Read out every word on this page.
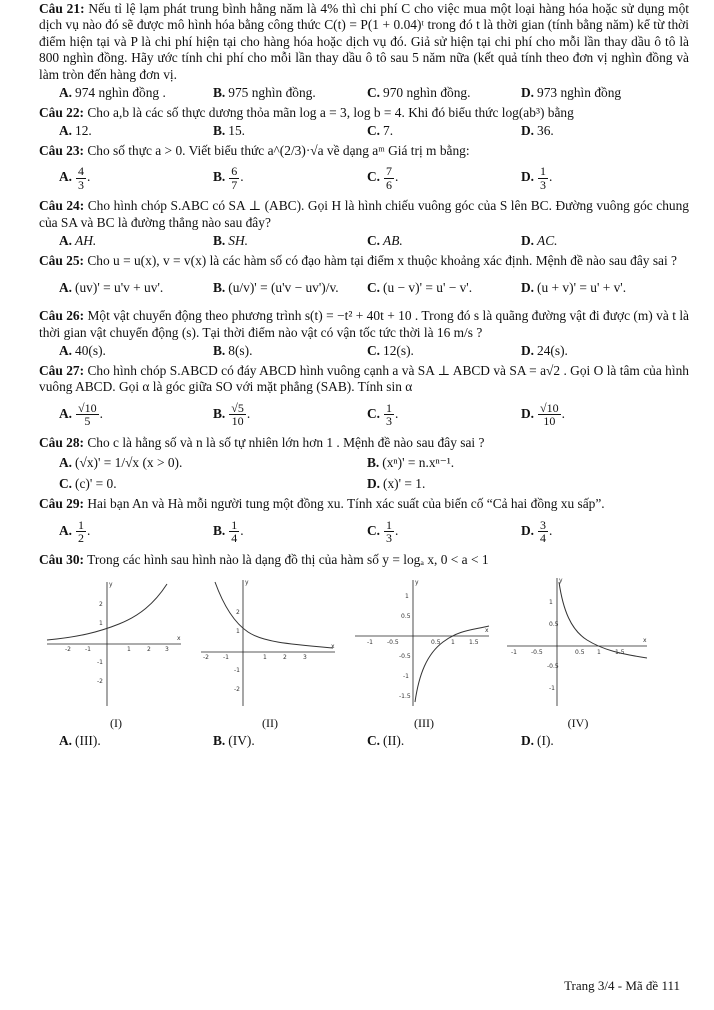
Câu 21: Nếu tỉ lệ lạm phát trung bình hằng năm là 4% thì chi phí C cho việc mua một loại hàng hóa hoặc sử dụng một dịch vụ nào đó sẽ được mô hình hóa bằng công thức C(t) = P(1 + 0.04)ᵗ trong đó t là thời gian (tính bằng năm) kể từ thời điểm hiện tại và P là chi phí hiện tại cho hàng hóa hoặc dịch vụ đó. Giả sử hiện tại chi phí cho mỗi lần thay dầu ô tô là 800 nghìn đồng. Hãy ước tính chi phí cho mỗi lần thay dầu ô tô sau 5 năm nữa (kết quả tính theo đơn vị nghìn đồng và làm tròn đến hàng đơn vị.

A. 974 nghìn đồng .	B. 975 nghìn đồng.	C. 970 nghìn đồng.	D. 973 nghìn đồng

Câu 22: Cho a,b là các số thực dương thỏa mãn log a = 3, log b = 4. Khi đó biểu thức log(ab³) bằng

A. 12.	B. 15.	C. 7.	D. 36.

Câu 23: Cho số thực a > 0. Viết biểu thức a^(2/3)·√a về dạng aᵐ Giá trị m bằng:

A. $\frac{4}{3}$ .	B. $\frac{6}{7}$ .	C. $\frac{7}{6}$ .	D. $\frac{1}{3}$ .

Câu 24: Cho hình chóp S.ABC có SA ⊥ (ABC). Gọi H là hình chiếu vuông góc của S lên BC. Đường vuông góc chung của SA và BC là đường thẳng nào sau đây?

A. AH.	B. SH.	C. AB.	D. AC.

Câu 25: Cho u = u(x), v = v(x) là các hàm số có đạo hàm tại điểm x thuộc khoảng xác định. Mệnh đề nào sau đây sai ?

A. (uv)' = u'v + uv'.	B. (u/v)' = (u'v − uv')/v.	C. (u − v)' = u' − v'.	D. (u + v)' = u' + v'.

Câu 26: Một vật chuyển động theo phương trình s(t) = −t² + 40t + 10 . Trong đó s là quãng đường vật đi được (m) và t là thời gian vật chuyển động (s). Tại thời điểm nào vật có vận tốc tức thời là 16 m/s ?

A. 40(s).	B. 8(s).	C. 12(s).	D. 24(s).

Câu 27: Cho hình chóp S.ABCD có đáy ABCD hình vuông cạnh a và SA ⊥ ABCD và SA = a√2 . Gọi O là tâm của hình vuông ABCD. Gọi α là góc giữa SO với mặt phẳng (SAB). Tính sin α

A. $\frac{√10}{5}$ .	B. $\frac{√5}{10}$ .	C. $\frac{1}{3}$ .	D. $\frac{√10}{10}$ .

Câu 28: Cho c là hằng số và n là số tự nhiên lớn hơn 1 . Mệnh đề nào sau đây sai ?

A. (√x)' = 1/√x (x > 0).	B. (xⁿ)' = n.xⁿ⁻¹.
C. (c)' = 0.	D. (x)' = 1.

Câu 29: Hai bạn An và Hà mỗi người tung một đồng xu. Tính xác suất của biến cố “Cả hai đồng xu sấp”.

A. $\frac{1}{2}$ .	B. $\frac{1}{4}$ .	C. $\frac{1}{3}$ .	D. $\frac{3}{4}$ .

Câu 30: Trong các hình sau hình nào là dạng đồ thị của hàm số y = logₐ x, 0 < a < 1

y
x
-2 -1	1	2 3
2
1
-1
-2
(I)
y
x
-2 -1	1	2	3
2
1
-1
-2
(II)
y
x
-1 -0.5	0.5 1 1.5
1
0.5
-0.5
-1
-1.5
(III)
y
x
-1 -0.5	0.5 1 1.5
1
0.5
-0.5
-1
(IV)
A. (III).	B. (IV).	C. (II).	D. (I).
Trang 3/4 - Mã đề 111
